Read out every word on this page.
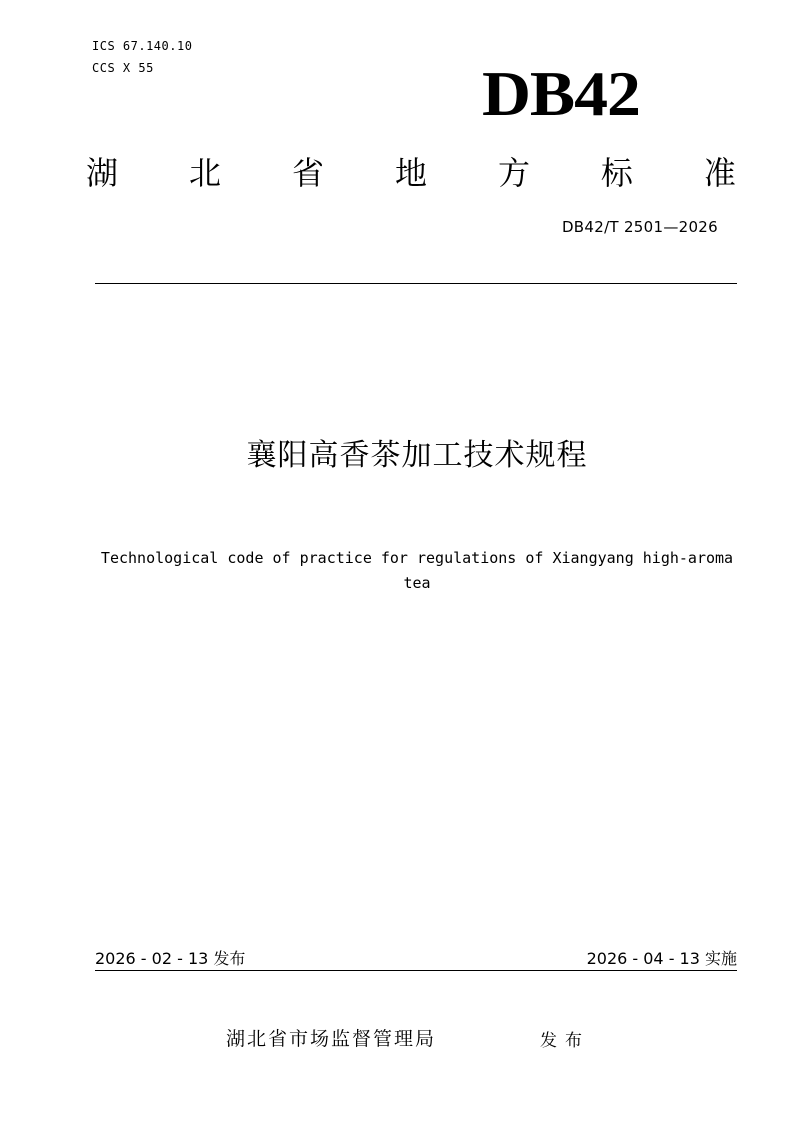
ICS 67.140.10
CCS X 55	DB42
湖 北 省 地 方 标 准
DB42/T 2501—2026
襄阳高香茶加工技术规程
Technological code of practice for regulations of Xiangyang high-aroma tea
2026 - 02 - 13 发布	2026 - 04 - 13 实施
湖北省市场监督管理局	发布
